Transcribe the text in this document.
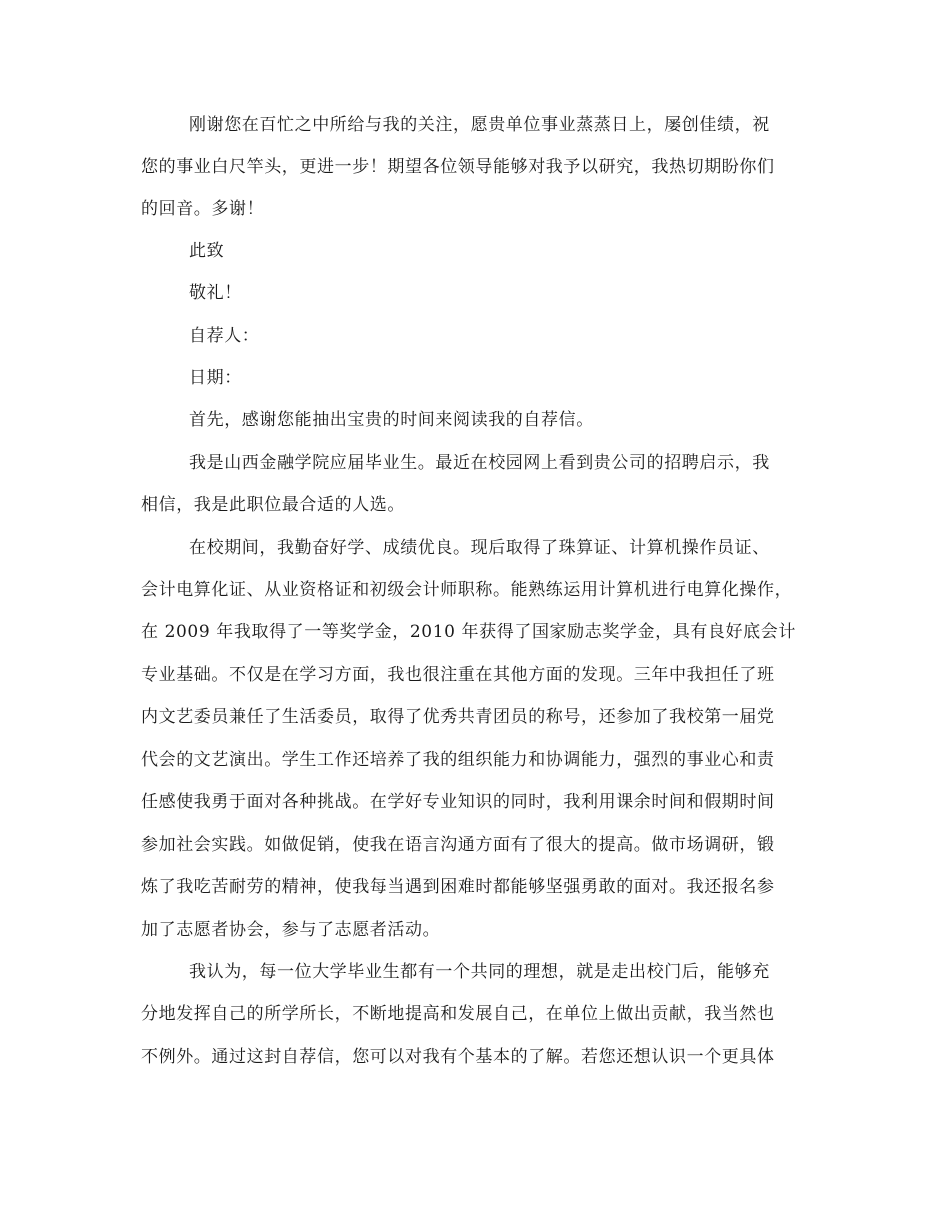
刚谢您在百忙之中所给与我的关注，愿贵单位事业蒸蒸日上，屡创佳绩，祝
您的事业白尺竿头，更进一步！期望各位领导能够对我予以研究，我热切期盼你们
的回音。多谢！
此致
敬礼！
自荐人：
日期：
首先，感谢您能抽出宝贵的时间来阅读我的自荐信。
我是山西金融学院应届毕业生。最近在校园网上看到贵公司的招聘启示，我
相信，我是此职位最合适的人选。
在校期间，我勤奋好学、成绩优良。现后取得了珠算证、计算机操作员证、
会计电算化证、从业资格证和初级会计师职称。能熟练运用计算机进行电算化操作，
在 2009 年我取得了一等奖学金，2010 年获得了国家励志奖学金，具有良好底会计
专业基础。不仅是在学习方面，我也很注重在其他方面的发现。三年中我担任了班
内文艺委员兼任了生活委员，取得了优秀共青团员的称号，还参加了我校第一届党
代会的文艺演出。学生工作还培养了我的组织能力和协调能力，强烈的事业心和责
任感使我勇于面对各种挑战。在学好专业知识的同时，我利用课余时间和假期时间
参加社会实践。如做促销，使我在语言沟通方面有了很大的提高。做市场调研，锻
炼了我吃苦耐劳的精神，使我每当遇到困难时都能够坚强勇敢的面对。我还报名参
加了志愿者协会，参与了志愿者活动。
我认为，每一位大学毕业生都有一个共同的理想，就是走出校门后，能够充
分地发挥自己的所学所长，不断地提高和发展自己，在单位上做出贡献，我当然也
不例外。通过这封自荐信，您可以对我有个基本的了解。若您还想认识一个更具体
